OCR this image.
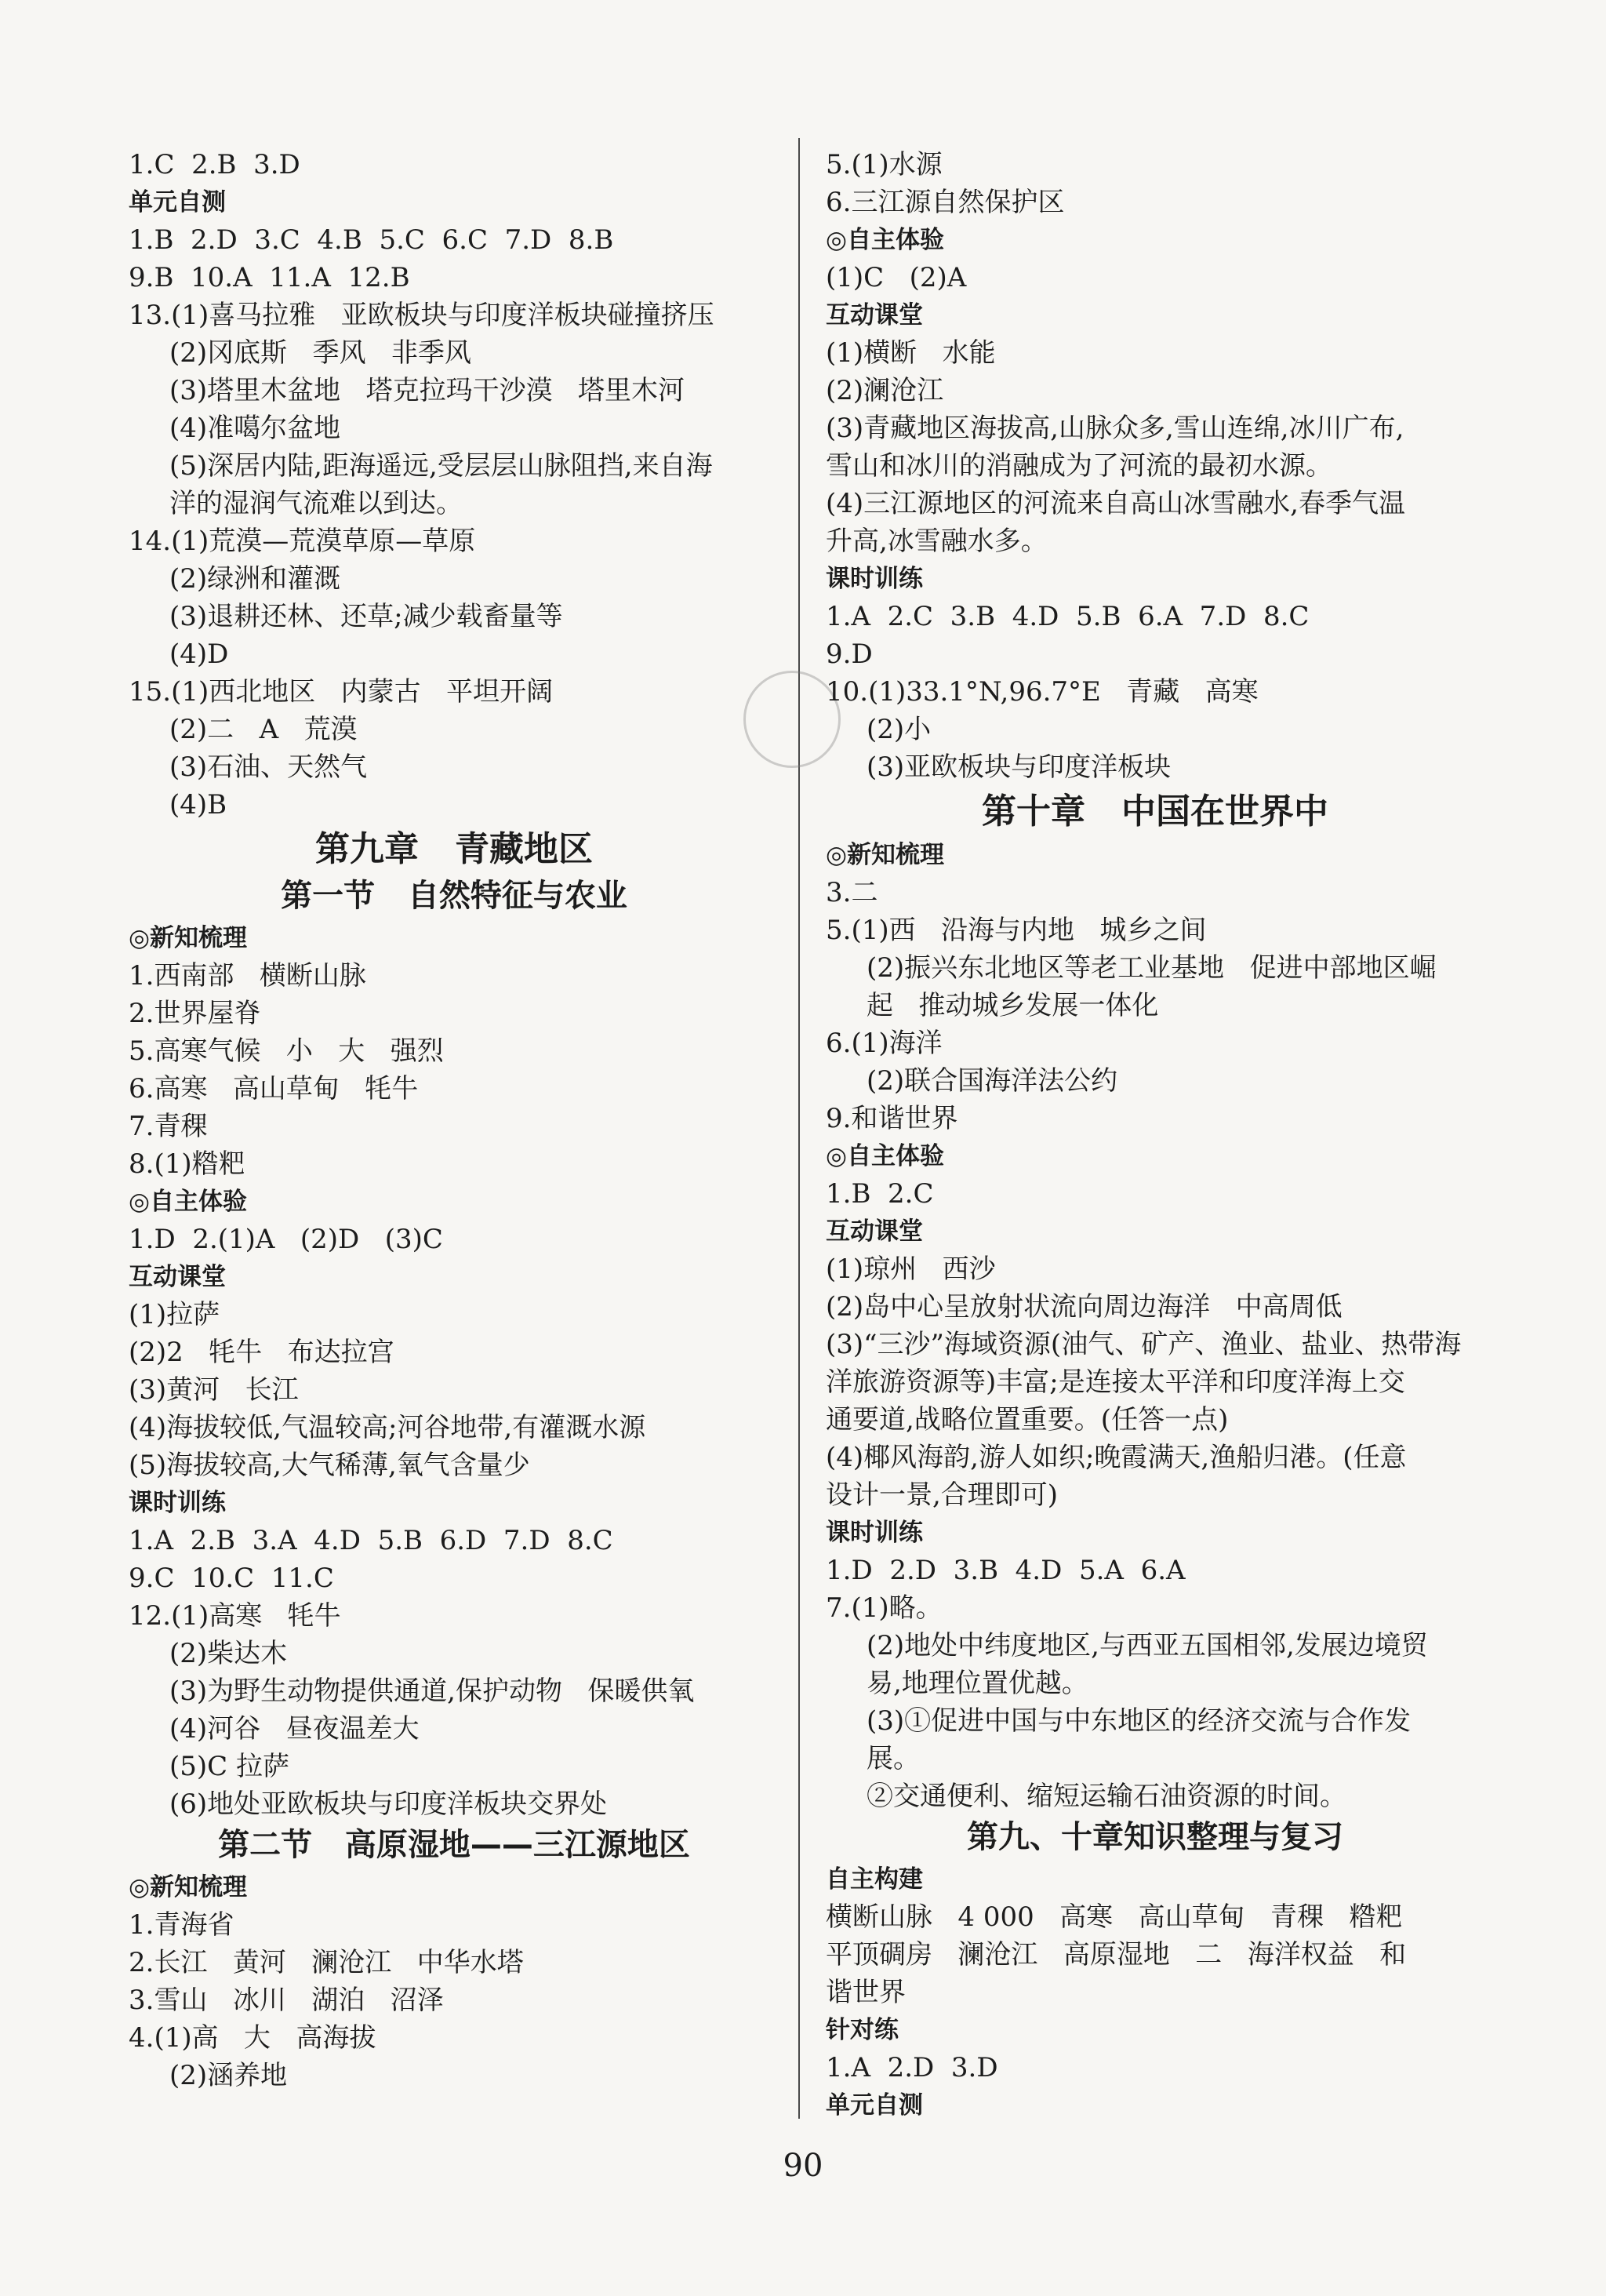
1.C  2.B  3.D
单元自测
1.B  2.D  3.C  4.B  5.C  6.C  7.D  8.B
9.B  10.A  11.A  12.B
13.(1)喜马拉雅   亚欧板块与印度洋板块碰撞挤压
(2)冈底斯   季风   非季风
(3)塔里木盆地   塔克拉玛干沙漠   塔里木河
(4)准噶尔盆地
(5)深居内陆,距海遥远,受层层山脉阻挡,来自海
洋的湿润气流难以到达。
14.(1)荒漠—荒漠草原—草原
(2)绿洲和灌溉
(3)退耕还林、还草;减少载畜量等
(4)D
15.(1)西北地区   内蒙古   平坦开阔
(2)二   A   荒漠
(3)石油、天然气
(4)B
第九章   青藏地区
第一节   自然特征与农业
◎新知梳理
1.西南部   横断山脉
2.世界屋脊
5.高寒气候   小   大   强烈
6.高寒   高山草甸   牦牛
7.青稞
8.(1)糌粑
◎自主体验
1.D  2.(1)A   (2)D   (3)C
互动课堂
(1)拉萨
(2)2   牦牛   布达拉宫
(3)黄河   长江
(4)海拔较低,气温较高;河谷地带,有灌溉水源
(5)海拔较高,大气稀薄,氧气含量少
课时训练
1.A  2.B  3.A  4.D  5.B  6.D  7.D  8.C
9.C  10.C  11.C
12.(1)高寒   牦牛
(2)柴达木
(3)为野生动物提供通道,保护动物   保暖供氧
(4)河谷   昼夜温差大
(5)C 拉萨
(6)地处亚欧板块与印度洋板块交界处
第二节   高原湿地——三江源地区
◎新知梳理
1.青海省
2.长江   黄河   澜沧江   中华水塔
3.雪山   冰川   湖泊   沼泽
4.(1)高   大   高海拔
(2)涵养地
5.(1)水源
6.三江源自然保护区
◎自主体验
(1)C   (2)A
互动课堂
(1)横断   水能
(2)澜沧江
(3)青藏地区海拔高,山脉众多,雪山连绵,冰川广布,
雪山和冰川的消融成为了河流的最初水源。
(4)三江源地区的河流来自高山冰雪融水,春季气温
升高,冰雪融水多。
课时训练
1.A  2.C  3.B  4.D  5.B  6.A  7.D  8.C
9.D
10.(1)33.1°N,96.7°E   青藏   高寒
(2)小
(3)亚欧板块与印度洋板块
第十章   中国在世界中
◎新知梳理
3.二
5.(1)西   沿海与内地   城乡之间
(2)振兴东北地区等老工业基地   促进中部地区崛
起   推动城乡发展一体化
6.(1)海洋
(2)联合国海洋法公约
9.和谐世界
◎自主体验
1.B  2.C
互动课堂
(1)琼州   西沙
(2)岛中心呈放射状流向周边海洋   中高周低
(3)“三沙”海域资源(油气、矿产、渔业、盐业、热带海
洋旅游资源等)丰富;是连接太平洋和印度洋海上交
通要道,战略位置重要。(任答一点)
(4)椰风海韵,游人如织;晚霞满天,渔船归港。(任意
设计一景,合理即可)
课时训练
1.D  2.D  3.B  4.D  5.A  6.A
7.(1)略。
(2)地处中纬度地区,与西亚五国相邻,发展边境贸
易,地理位置优越。
(3)①促进中国与中东地区的经济交流与合作发
展。
②交通便利、缩短运输石油资源的时间。
第九、十章知识整理与复习
自主构建
横断山脉   4 000   高寒   高山草甸   青稞   糌粑
平顶碉房   澜沧江   高原湿地   二   海洋权益   和
谐世界
针对练
1.A  2.D  3.D
单元自测
90
